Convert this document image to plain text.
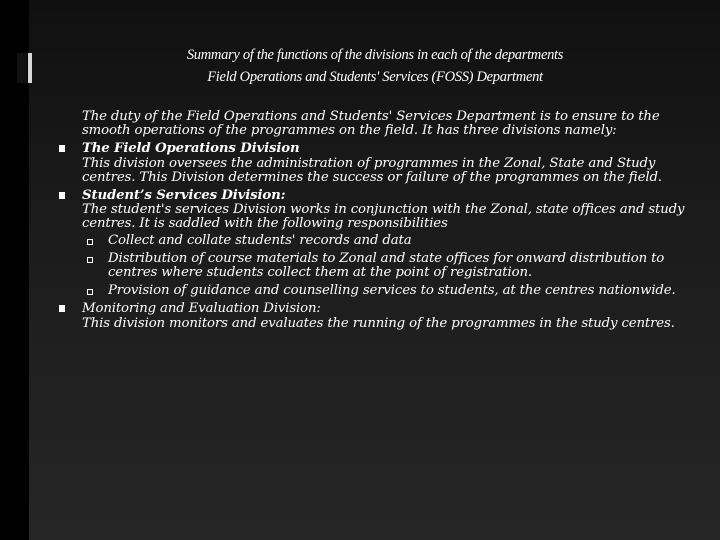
Summary of the functions of the divisions in each of the departments
Field Operations and Students' Services (FOSS) Department

The duty of the Field Operations and Students' Services Department is to ensure to the smooth operations of the programmes on the field. It has three divisions namely:

The Field Operations Division

This division oversees the administration of programmes in the Zonal, State and Study centres. This Division determines the success or failure of the programmes on the field.

Student’s Services Division:

The student's services Division works in conjunction with the Zonal, state offices and study centres. It is saddled with the following responsibilities

Collect and collate students' records and data

Distribution of course materials to Zonal and state offices for onward distribution to centres where students collect them at the point of registration.

Provision of guidance and counselling services to students, at the centres nationwide.

Monitoring and Evaluation Division:

This division monitors and evaluates the running of the programmes in the study centres.
